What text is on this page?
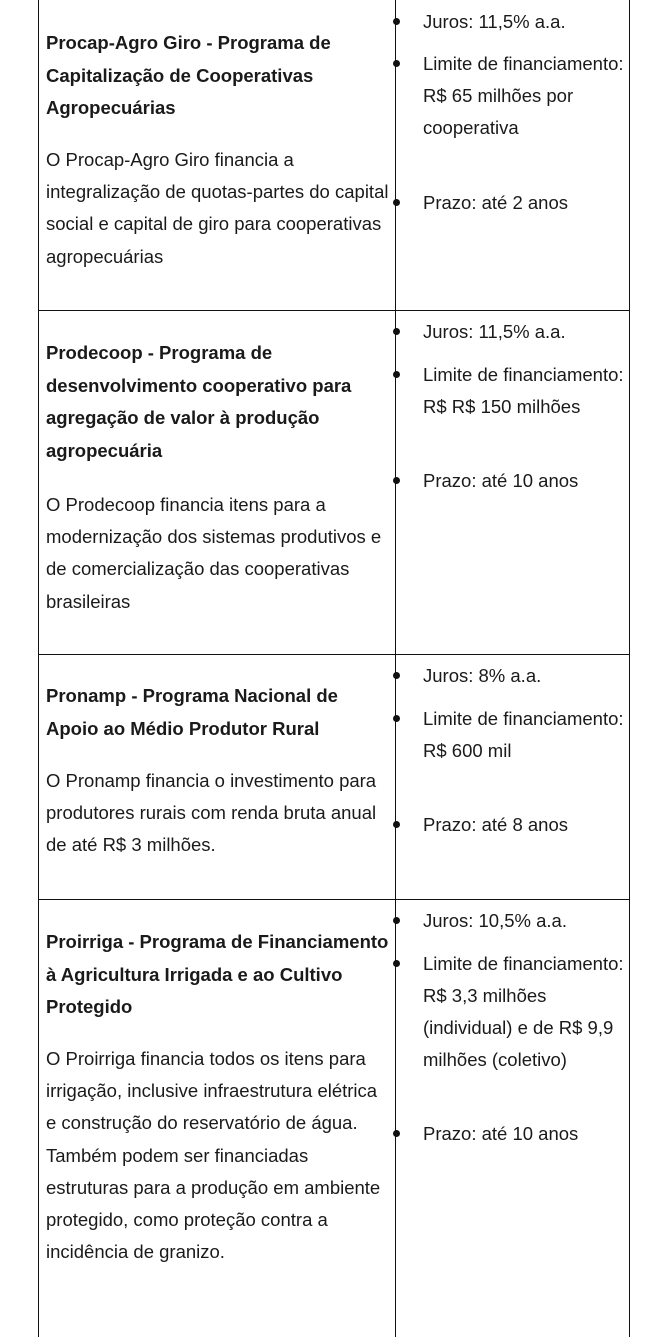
Procap-Agro Giro - Programa de Capitalização de Cooperativas Agropecuárias

O Procap-Agro Giro financia a integralização de quotas-partes do capital social e capital de giro para cooperativas agropecuárias

Juros: 11,5% a.a.
Limite de financiamento: R$ 65 milhões por cooperativa
Prazo: até 2 anos

Prodecoop - Programa de desenvolvimento cooperativo para agregação de valor à produção agropecuária

O Prodecoop financia itens para a modernização dos sistemas produtivos e de comercialização das cooperativas brasileiras

Juros: 11,5% a.a.
Limite de financiamento: R$ R$ 150 milhões
Prazo: até 10 anos

Pronamp - Programa Nacional de Apoio ao Médio Produtor Rural

O Pronamp financia o investimento para produtores rurais com renda bruta anual de até R$ 3 milhões.

Juros: 8% a.a.
Limite de financiamento: R$ 600 mil
Prazo: até 8 anos

Proirriga - Programa de Financiamento à Agricultura Irrigada e ao Cultivo Protegido

O Proirriga financia todos os itens para irrigação, inclusive infraestrutura elétrica e construção do reservatório de água. Também podem ser financiadas estruturas para a produção em ambiente protegido, como proteção contra a incidência de granizo.

Juros: 10,5% a.a.
Limite de financiamento: R$ 3,3 milhões (individual) e de R$ 9,9 milhões (coletivo)
Prazo: até 10 anos
